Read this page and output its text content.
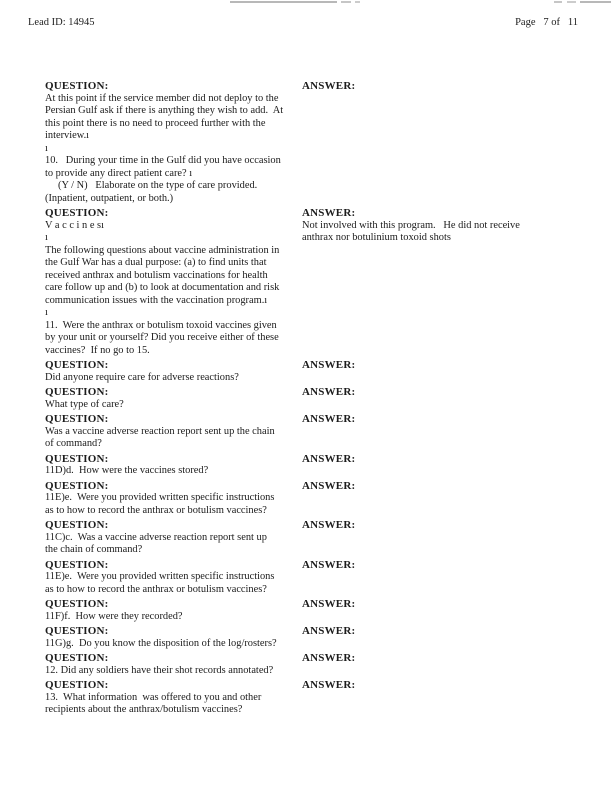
Lead ID: 14945	Page   7 of   11
QUESTION:
At this point if the service member did not deploy to the
Persian Gulf ask if there is anything they wish to add.  At
this point there is no need to proceed further with the
interview.ı
ı
10.   During your time in the Gulf did you have occasion
to provide any direct patient care? ı
(Y / N)   Elaborate on the type of care provided.
(Inpatient, outpatient, or both.)
ANSWER:
QUESTION:
V a c c i n e sı
ı
The following questions about vaccine administration in
the Gulf War has a dual purpose: (a) to find units that
received anthrax and botulism vaccinations for health
care follow up and (b) to look at documentation and risk
communication issues with the vaccination program.ı
ı
11.  Were the anthrax or botulism toxoid vaccines given
by your unit or yourself? Did you receive either of these
vaccines?  If no go to 15.
ANSWER:
Not involved with this program.   He did not receive
anthrax nor botulinium toxoid shots
QUESTION:
Did anyone require care for adverse reactions?
ANSWER:
QUESTION:
What type of care?
ANSWER:
QUESTION:
Was a vaccine adverse reaction report sent up the chain
of command?
ANSWER:
QUESTION:
11D)d.  How were the vaccines stored?
ANSWER:
QUESTION:
11E)e.  Were you provided written specific instructions
as to how to record the anthrax or botulism vaccines?
ANSWER:
QUESTION:
11C)c.  Was a vaccine adverse reaction report sent up
the chain of command?
ANSWER:
QUESTION:
11E)e.  Were you provided written specific instructions
as to how to record the anthrax or botulism vaccines?
ANSWER:
QUESTION:
11F)f.  How were they recorded?
ANSWER:
QUESTION:
11G)g.  Do you know the disposition of the log/rosters?
ANSWER:
QUESTION:
12. Did any soldiers have their shot records annotated?
ANSWER:
QUESTION:
13.  What information  was offered to you and other
recipients about the anthrax/botulism vaccines?
ANSWER:
